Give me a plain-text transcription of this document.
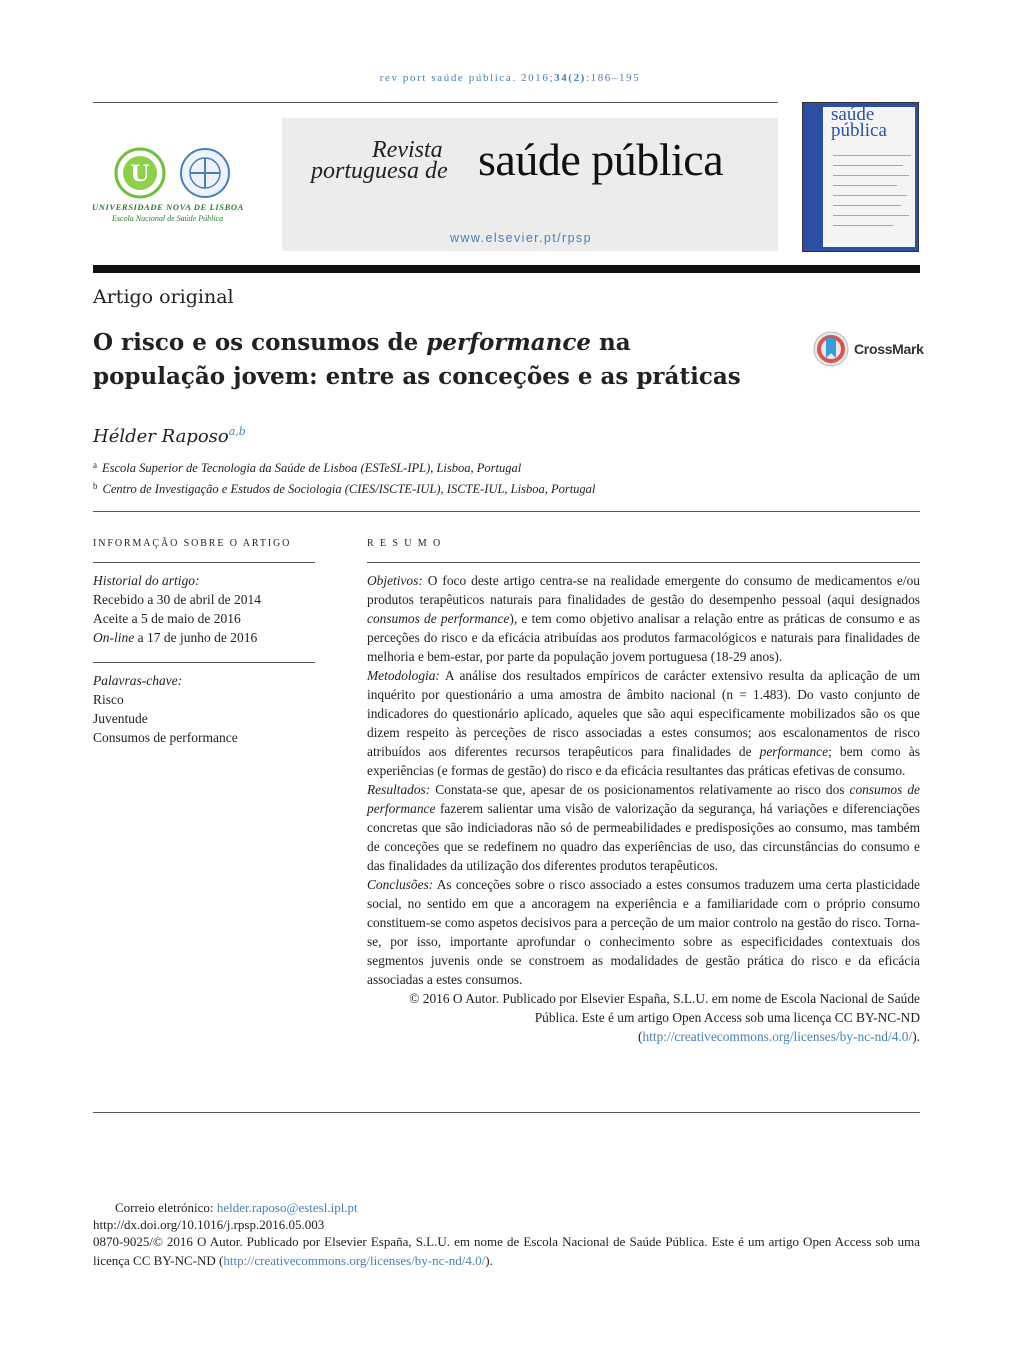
rev port saúde pública. 2016;34(2):186–195
U
UNIVERSIDADE NOVA DE LISBOA
Escola Nacional de Saúde Pública
Revista
portuguesa de saúde pública
www.elsevier.pt/rpsp
saúde
pública
Artigo original
O risco e os consumos de performance na
população jovem: entre as conceções e as práticas
CrossMark
Hélder Raposo$^{a,b}$
$^a$ Escola Superior de Tecnologia da Saúde de Lisboa (ESTeSL-IPL), Lisboa, Portugal
$^b$ Centro de Investigação e Estudos de Sociologia (CIES/ISCTE-IUL), ISCTE-IUL, Lisboa, Portugal
INFORMAÇÃO SOBRE O ARTIGO
Historial do artigo:
Recebido a 30 de abril de 2014
Aceite a 5 de maio de 2016
On-line a 17 de junho de 2016
Palavras-chave:
Risco
Juventude
Consumos de performance
R E S U M O

Objetivos: O foco deste artigo centra-se na realidade emergente do consumo de medicamentos e/ou produtos terapêuticos naturais para finalidades de gestão do desempenho pessoal (aqui designados consumos de performance), e tem como objetivo analisar a relação entre as práticas de consumo e as perceções do risco e da eficácia atribuídas aos produtos farmacológicos e naturais para finalidades de melhoria e bem-estar, por parte da população jovem portuguesa (18-29 anos).

Metodologia: A análise dos resultados empíricos de carácter extensivo resulta da aplicação de um inquérito por questionário a uma amostra de âmbito nacional (n = 1.483). Do vasto conjunto de indicadores do questionário aplicado, aqueles que são aqui especificamente mobilizados são os que dizem respeito às perceções de risco associadas a estes consumos; aos escalonamentos de risco atribuídos aos diferentes recursos terapêuticos para finalidades de performance; bem como às experiências (e formas de gestão) do risco e da eficácia resultantes das práticas efetivas de consumo.

Resultados: Constata-se que, apesar de os posicionamentos relativamente ao risco dos consumos de performance fazerem salientar uma visão de valorização da segurança, há variações e diferenciações concretas que são indiciadoras não só de permeabilidades e predisposições ao consumo, mas também de conceções que se redefinem no quadro das experiências de uso, das circunstâncias do consumo e das finalidades da utilização dos diferentes produtos terapêuticos.

Conclusões: As conceções sobre o risco associado a estes consumos traduzem uma certa plasticidade social, no sentido em que a ancoragem na experiência e a familiaridade com o próprio consumo constituem-se como aspetos decisivos para a perceção de um maior controlo na gestão do risco. Torna-se, por isso, importante aprofundar o conhecimento sobre as especificidades contextuais dos segmentos juvenis onde se constroem as modalidades de gestão prática do risco e da eficácia associadas a estes consumos.

© 2016 O Autor. Publicado por Elsevier España, S.L.U. em nome de Escola Nacional de Saúde Pública. Este é um artigo Open Access sob uma licença CC BY-NC-ND (http://creativecommons.org/licenses/by-nc-nd/4.0/).

Correio eletrónico: helder.raposo@estesl.ipl.pt
http://dx.doi.org/10.1016/j.rpsp.2016.05.003
0870-9025/© 2016 O Autor. Publicado por Elsevier España, S.L.U. em nome de Escola Nacional de Saúde Pública. Este é um artigo Open Access sob uma licença CC BY-NC-ND (http://creativecommons.org/licenses/by-nc-nd/4.0/).
